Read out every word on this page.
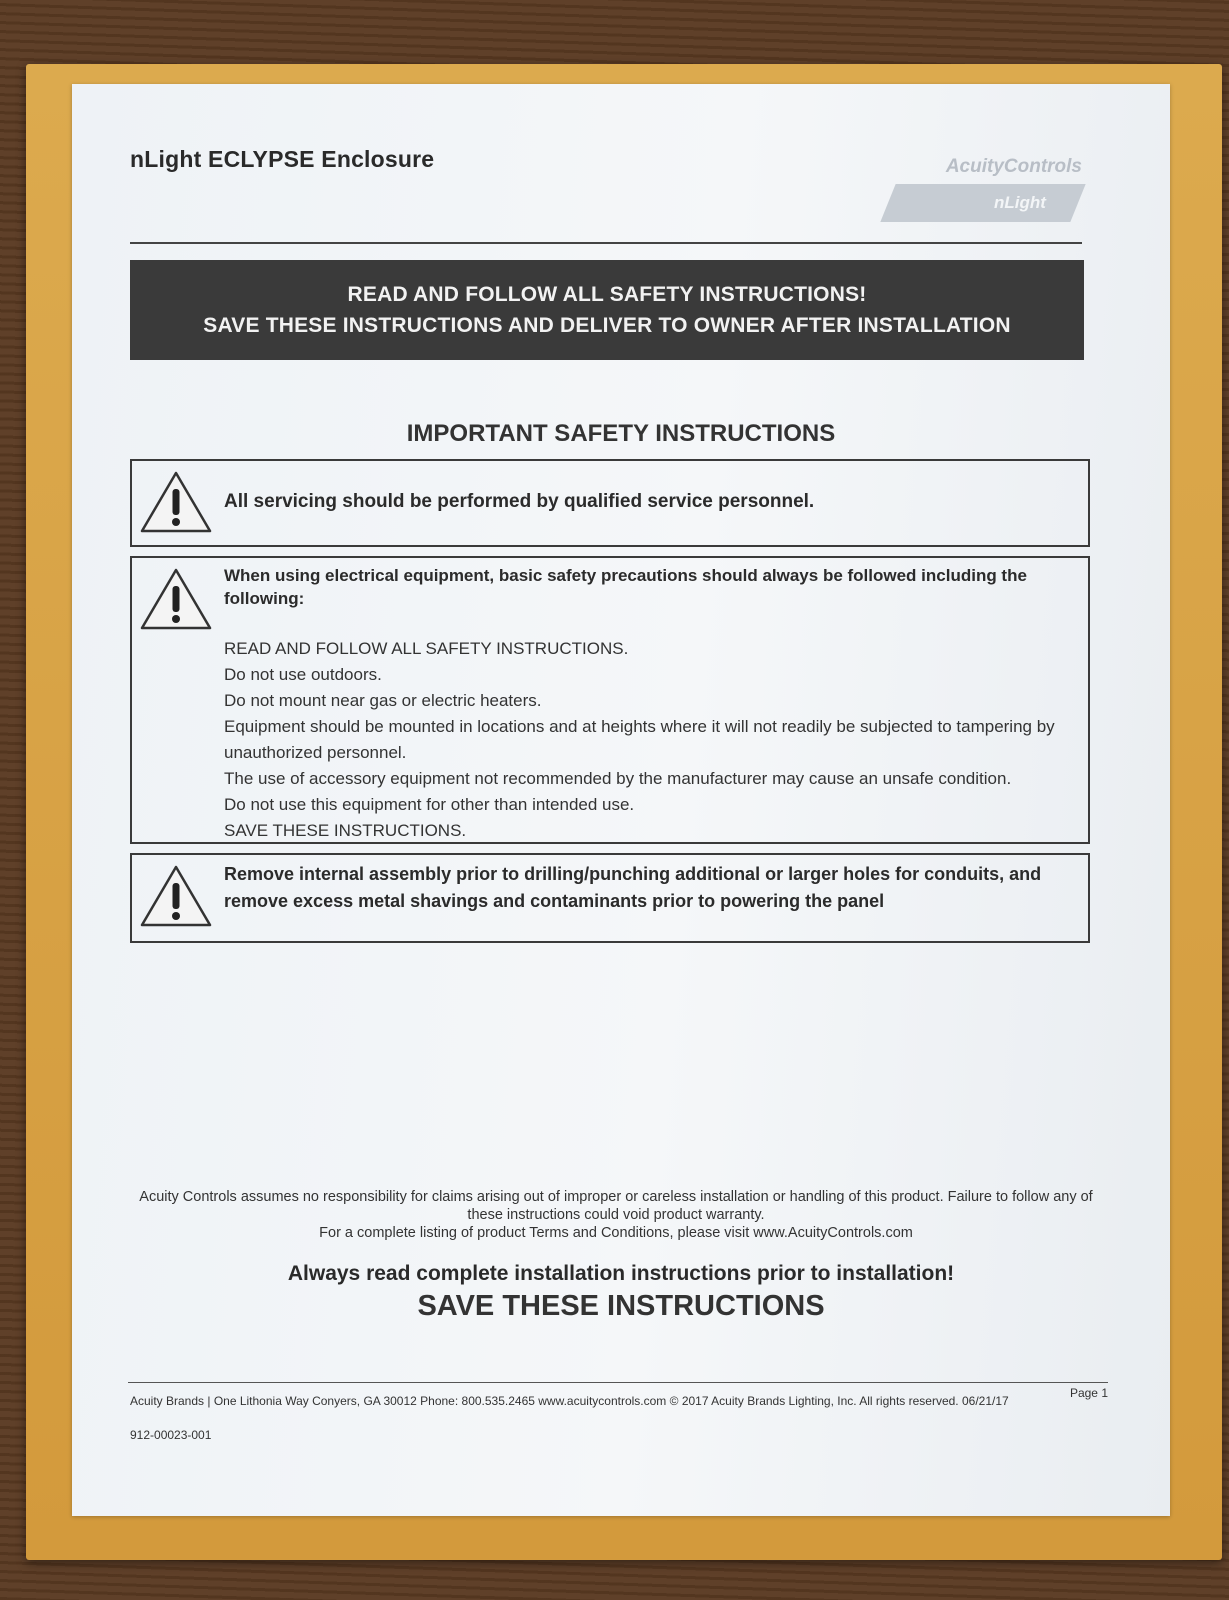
nLight ECLYPSE Enclosure	AcuityControls
nLight
READ AND FOLLOW ALL SAFETY INSTRUCTIONS!
SAVE THESE INSTRUCTIONS AND DELIVER TO OWNER AFTER INSTALLATION
IMPORTANT SAFETY INSTRUCTIONS
All servicing should be performed by qualified service personnel.
When using electrical equipment, basic safety precautions should always be followed including the following:
READ AND FOLLOW ALL SAFETY INSTRUCTIONS.
Do not use outdoors.
Do not mount near gas or electric heaters.
Equipment should be mounted in locations and at heights where it will not readily be subjected to tampering by unauthorized personnel.
The use of accessory equipment not recommended by the manufacturer may cause an unsafe condition.
Do not use this equipment for other than intended use.
SAVE THESE INSTRUCTIONS.
Remove internal assembly prior to drilling/punching additional or larger holes for conduits, and remove excess metal shavings and contaminants prior to powering the panel
Acuity Controls assumes no responsibility for claims arising out of improper or careless installation or handling of this product. Failure to follow any of these instructions could void product warranty.
For a complete listing of product Terms and Conditions, please visit www.AcuityControls.com
Always read complete installation instructions prior to installation!
SAVE THESE INSTRUCTIONS
Acuity Brands | One Lithonia Way Conyers, GA 30012 Phone: 800.535.2465 www.acuitycontrols.com © 2017 Acuity Brands Lighting, Inc. All rights reserved. 06/21/17
Page 1
912-00023-001
